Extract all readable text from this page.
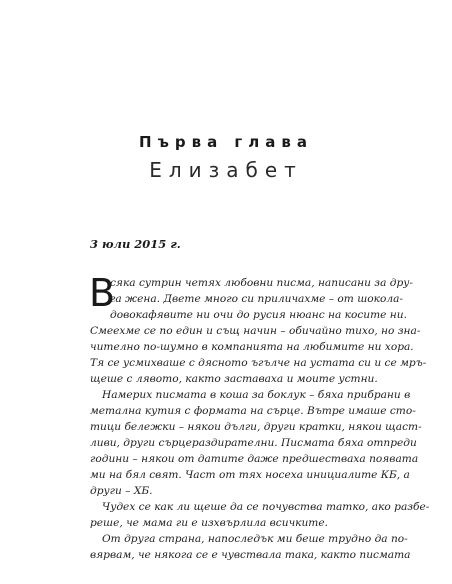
Първа глава
Елизабет
3 юли 2015 г.
В
сяка сутрин четях любовни писма, написани за дру-
га жена. Двете много си приличахме – от шоколa-
довокафявите ни очи до русия нюанс на косите ни.
Смеехме се по един и същ начин – обичайно тихо, но зна-
чително по-шумно в компанията на любимите ни хора.
Тя се усмихваше с дясното ъгълче на устата си и се мръ-
щеше с лявото, както заставаха и моите устни.
Намерих писмата в кошa за боклук – бяха прибрани в
метална кутия с формата на сърце. Вътре имаше сто-
тици бележки – някои дълги, други кратки, някои щаст-
ливи, други сърцераздирателни. Писмата бяха отпреди
години – някои от датите даже предшестваха появата
ми на бял свят. Част от тях носеха инициалите КБ, а
други – ХБ.
Чудех се как ли щеше да се почувства татко, ако разбе-
реше, че мама ги е изхвърлила всичките.
От друга страна, напоследък ми беше трудно да по-
вярвам, че някога се е чувствала така, както писмата
